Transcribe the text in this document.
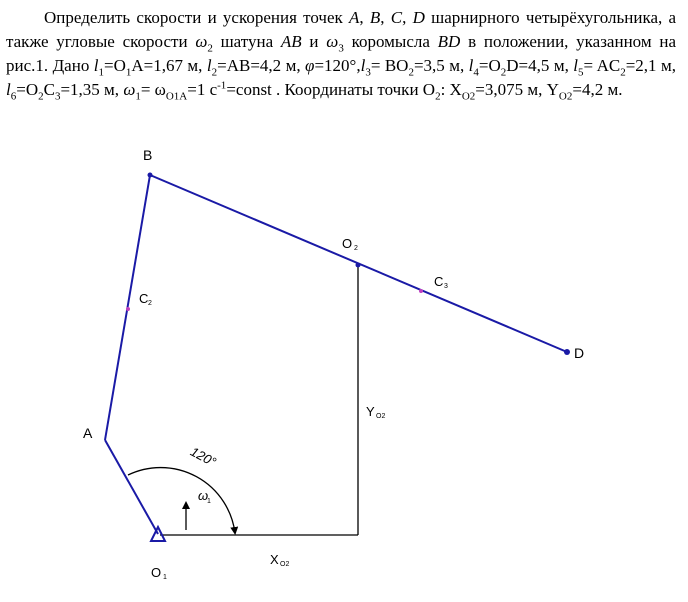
Определить скорости и ускорения точек A, B, C, D шарнирного четырёхугольника, а также угловые скорости $\omega_2$ шатуна AB и $\omega_3$ коромысла BD в положении, указанном на рис.1. Дано $l_1=O_1A=1,67$ м, $l_2=AB=4,2$ м, $\varphi=120^\circ,l_3= BO_2=3,5$ м, $l_4=O_2D=4,5$ м, $l_5= AC_2=2,1$ м, $l_6=O_2C_3=1,35$ м, $\omega_1= \omega_{O1A}=1$ $с^{-1}=const$ . Координаты точки $O_2$: $X_{O2}=3,075$ м, $Y_{O2}=4,2$ м.
B
A
D
O 2
C 2
C 3
O 1
Y O2
X O2
120°
ω
1
